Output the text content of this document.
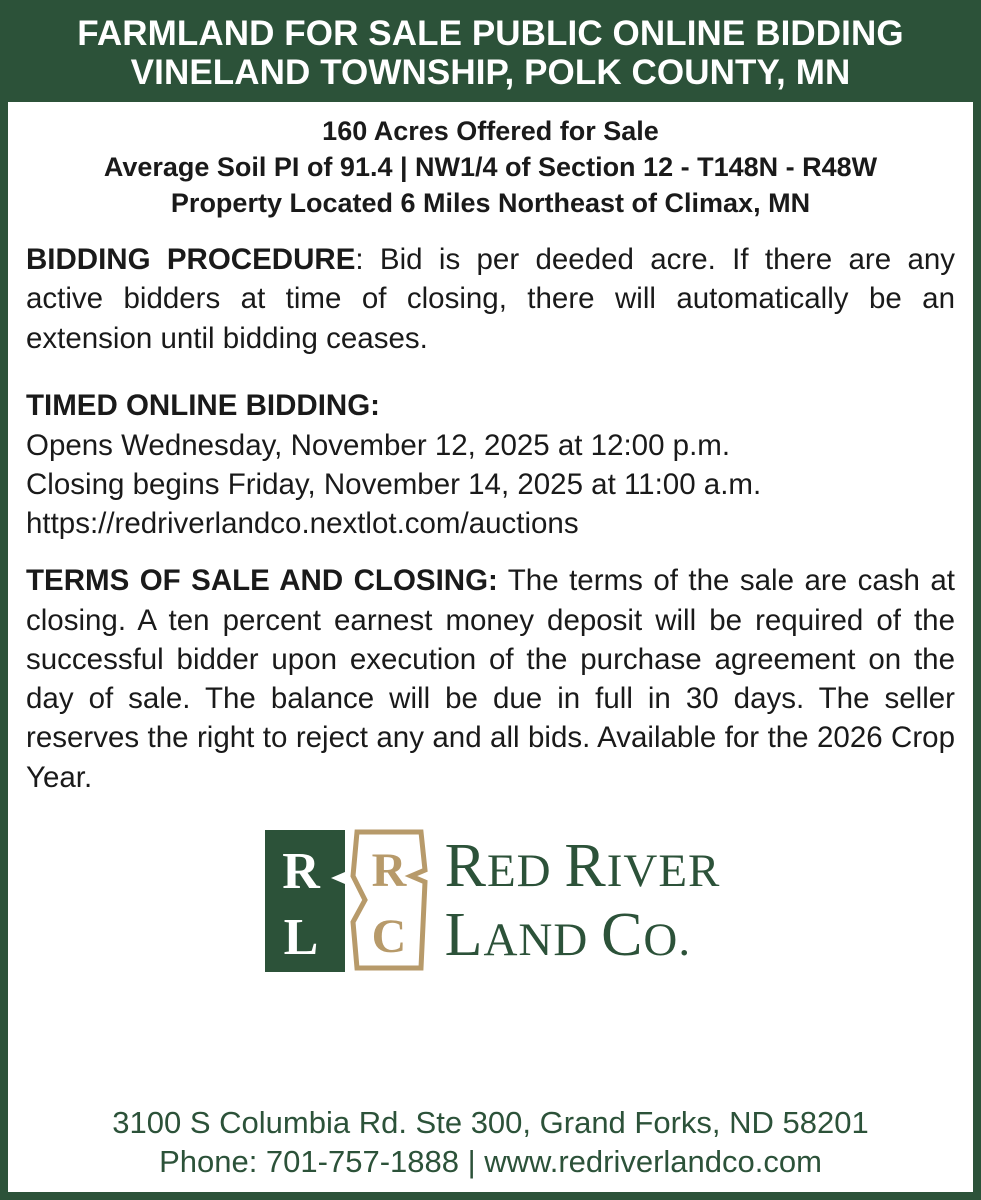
FARMLAND FOR SALE PUBLIC ONLINE BIDDING
VINELAND TOWNSHIP, POLK COUNTY, MN
160 Acres Offered for Sale
Average Soil PI of 91.4 | NW1/4 of Section 12 - T148N - R48W
Property Located 6 Miles Northeast of Climax, MN

BIDDING PROCEDURE: Bid is per deeded acre. If there are any active bidders at time of closing, there will automatically be an extension until bidding ceases.

TIMED ONLINE BIDDING:
Opens Wednesday, November 12, 2025 at 12:00 p.m.
Closing begins Friday, November 14, 2025 at 11:00 a.m.
https://redriverlandco.nextlot.com/auctions

TERMS OF SALE AND CLOSING: The terms of the sale are cash at closing. A ten percent earnest money deposit will be required of the successful bidder upon execution of the purchase agreement on the day of sale. The balance will be due in full in 30 days. The seller reserves the right to reject any and all bids. Available for the 2026 Crop Year.

R
L
R
C
RED RIVER
LAND CO.
3100 S Columbia Rd. Ste 300, Grand Forks, ND 58201
Phone: 701-757-1888 | www.redriverlandco.com
